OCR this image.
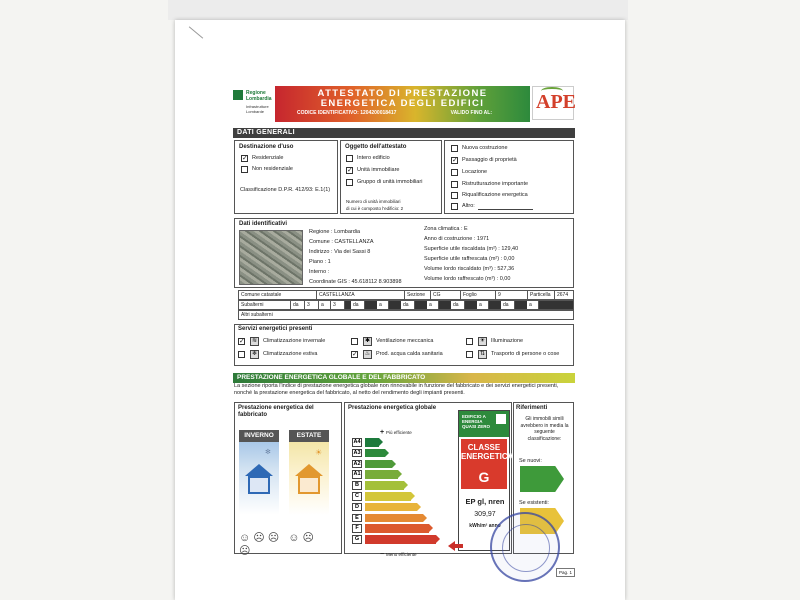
Regione Lombardia
Infrastrutture Lombarde
ATTESTATO DI PRESTAZIONE
ENERGETICA DEGLI EDIFICI
CODICE IDENTIFICATIVO: 1204200018417	VALIDO FINO AL: APE
DATI GENERALI
Destinazione d'uso
✓ Residenziale
Non residenziale
Classificazione D.P.R. 412/93: E.1(1)
Oggetto dell'attestato
Intero edificio
✓ Unità immobiliare
Gruppo di unità immobiliari
Numero di unità immobiliari
di cui è composto l'edificio: 2
Nuova costruzione
✓ Passaggio di proprietà
Locazione
Ristrutturazione importante
Riqualificazione energetica
Altro:
Dati identificativi
Regione : Lombardia
Comune : CASTELLANZA
Indirizzo : Via dei Sassi 8
Piano : 1
Interno :
Coordinate GIS : 45.618112 8.903898
Zona climatica : E
Anno di costruzione : 1971
Superficie utile riscaldata (m²) : 129,40
Superficie utile raffrescata (m²) : 0,00
Volume lordo riscaldato (m³) : 527,36
Volume lordo raffrescato (m³) : 0,00
Comune catastale	CASTELLANZA	Sezione	CG	Foglio	9	Particella	2674
Subalterni	da	3	a	3	da	a	da	a	da	a	da	a
Altri subalterni
Servizi energetici presenti
✓	≋	Climatizzazione invernale
❄	Climatizzazione estiva
✱	Ventilazione meccanica
✓ ♨	Prod. acqua calda sanitaria
☀	Illuminazione
⇅	Trasporto di persone o cose
PRESTAZIONE ENERGETICA GLOBALE E DEL FABBRICATO
La sezione riporta l'indice di prestazione energetica globale non rinnovabile in funzione del fabbricato e dei servizi energetici presenti, nonché la prestazione energetica del fabbricato, al netto del rendimento degli impianti presenti.
Prestazione energetica del fabbricato
INVERNO
✻
ESTATE
☀
☺☹☹ ☺☹☹
Prestazione energetica globale
+ Più efficiente
A4
A3
A2
A1
B
C
D
E
F
G
− Meno efficiente
EDIFICIO A ENERGIA QUASI ZERO
CLASSE ENERGETICA
G
EP gl, nren
309,97
kWh/m² anno
Riferimenti
Gli immobili simili avrebbero in media la seguente classificazione:
Se nuovi:
Se esistenti:
Pag. 1
